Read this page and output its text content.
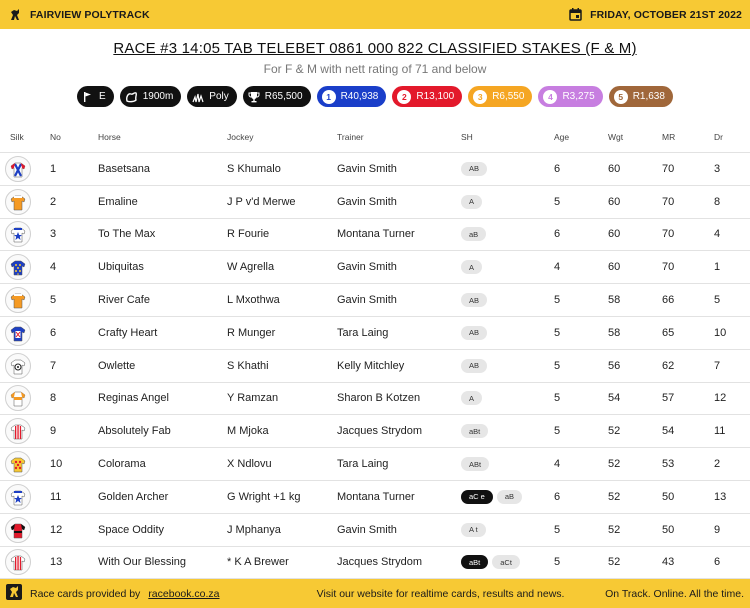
FAIRVIEW POLYTRACK	FRIDAY, OCTOBER 21ST 2022
RACE #3 14:05 TAB TELEBET 0861 000 822 CLASSIFIED STAKES (F & M)
For F & M with nett rating of 71 and below
E	1900m	Poly	R65,500	1 R40,938	2 R13,100	3 R6,550	4 R3,275	5 R1,638
Silk	No	Horse	Jockey	Trainer	SH	Age	Wgt	MR	Dr
1	Basetsana	S Khumalo	Gavin Smith	AB	6	60	70	3
2	Emaline	J P v'd Merwe	Gavin Smith	A	5	60	70	8
3	To The Max	R Fourie	Montana Turner	aB	6	60	70	4
4	Ubiquitas	W Agrella	Gavin Smith	A	4	60	70	1
5	River Cafe	L Mxothwa	Gavin Smith	AB	5	58	66	5
6	Crafty Heart	R Munger	Tara Laing	AB	5	58	65	10
7	Owlette	S Khathi	Kelly Mitchley	AB	5	56	62	7
8	Reginas Angel	Y Ramzan	Sharon B Kotzen	A	5	54	57	12
9	Absolutely Fab	M Mjoka	Jacques Strydom	aBt	5	52	54	11
10	Colorama	X Ndlovu	Tara Laing	ABt	4	52	53	2
11	Golden Archer	G Wright +1 kg	Montana Turner	aC e	aB	6	52	50	13
12	Space Oddity	J Mphanya	Gavin Smith	A t	5	52	50	9
13	With Our Blessing	* K A Brewer	Jacques Strydom	aBt	aCt	5	52	43	6
Race cards provided by racebook.co.za	Visit our website for realtime cards, results and news.	On Track. Online. All the time.
